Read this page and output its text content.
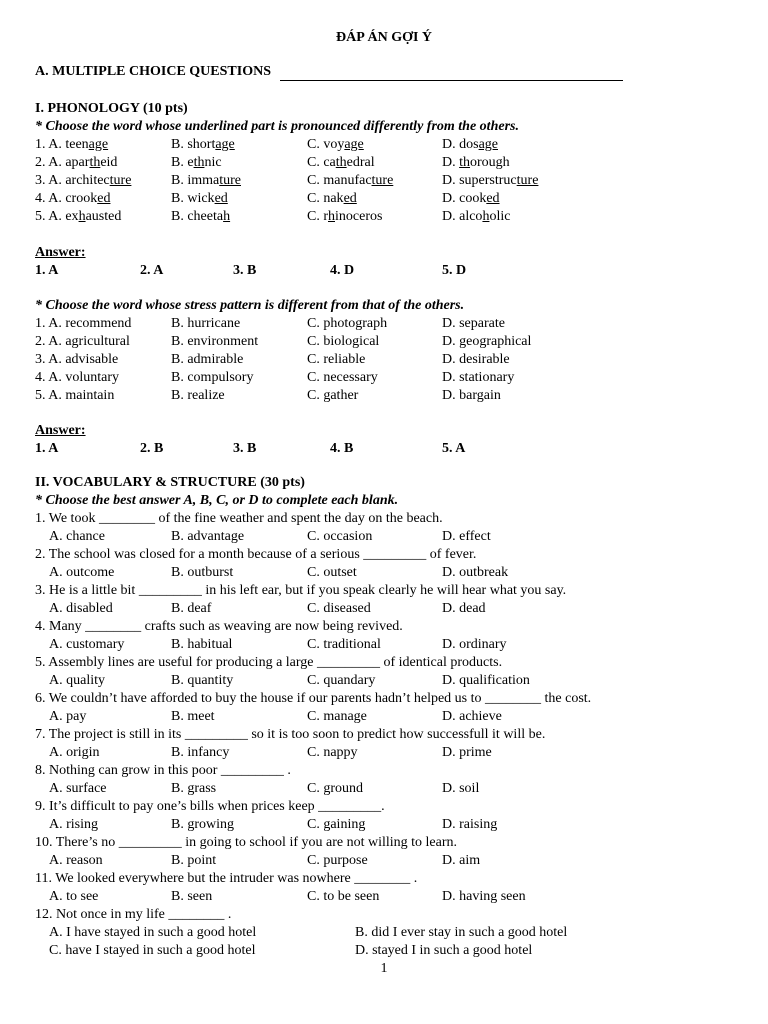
ĐÁP ÁN GỢI Ý
A. MULTIPLE CHOICE QUESTIONS
I. PHONOLOGY (10 pts)
* Choose the word whose underlined part is pronounced differently from the others.
1. A. teenage	B. shortage	C. voyage	D. dosage
2. A. apartheid	B. ethnic	C. cathedral	D. thorough
3. A. architecture	B. immature	C. manufacture	D. superstructure
4. A. crooked	B. wicked	C. naked	D. cooked
5. A. exhausted	B. cheetah	C. rhinoceros	D. alcoholic
Answer:
1. A	2. A	3. B	4. D	5. D
* Choose the word whose stress pattern is different from that of the others.
1. A. recommend	B. hurricane	C. photograph	D. separate
2. A. agricultural	B. environment	C. biological	D. geographical
3. A. advisable	B. admirable	C. reliable	D. desirable
4. A. voluntary	B. compulsory	C. necessary	D. stationary
5. A. maintain	B. realize	C. gather	D. bargain
Answer:
1. A	2. B	3. B	4. B	5. A
II. VOCABULARY & STRUCTURE (30 pts)
* Choose the best answer A, B, C, or D to complete each blank.
1. We took ________ of the fine weather and spent the day on the beach.
A. chance	B. advantage	C. occasion	D. effect
2. The school was closed for a month because of a serious _________ of fever.
A. outcome	B. outburst	C. outset	D. outbreak
3. He is a little bit _________ in his left ear, but if you speak clearly he will hear what you say.
A. disabled	B. deaf	C. diseased	D. dead
4. Many ________ crafts such as weaving are now being revived.
A. customary	B. habitual	C. traditional	D. ordinary
5. Assembly lines are useful for producing a large _________ of identical products.
A. quality	B. quantity	C. quandary	D. qualification
6. We couldn’t have afforded to buy the house if our parents hadn’t helped us to ________ the cost.
A. pay	B. meet	C. manage	D. achieve
7. The project is still in its _________ so it is too soon to predict how successfull it will be.
A. origin	B. infancy	C. nappy	D. prime
8. Nothing can grow in this poor _________ .
A. surface	B. grass	C. ground	D. soil
9. It’s difficult to pay one’s bills when prices keep _________.
A. rising	B. growing	C. gaining	D. raising
10. There’s no _________ in going to school if you are not willing to learn.
A. reason	B. point	C. purpose	D. aim
11. We looked everywhere but the intruder was nowhere ________ .
A. to see	B. seen	C. to be seen	D. having seen
12. Not once in my life ________ .
A. I have stayed in such a good hotel	B. did I ever stay in such a good hotel
C. have I stayed in such a good hotel	D. stayed I in such a good hotel
1
